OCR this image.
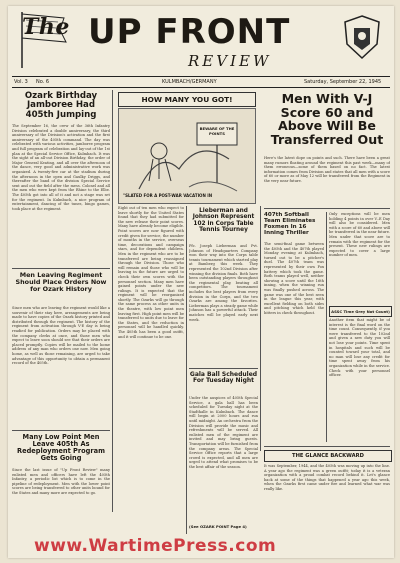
The UP FRONT
REVIEW
Vol. 3 No. 6	KULMBACH/GERMANY	Saturday, September 22, 1945
Ozark Birthday Jamboree Had 405th Jumping
The September 16, the crew of the 36th Infantry Division celebrated a double anniversary, the third anniversary of the Division's activation and the first anniversary of the 405th command. The day was celebrated with various activities, jamboree program and full program of celebration and lay-out of the 1st plan at the Special Service Office, Kulmbach. It was the sight of an all-out Division Birthday, the order of Major General Keating, and all over the afternoon of the dance, very good and administrative work was organized. A twenty-five car at the stadium during the afternoon in the open and Gaulky Driggs, and thereafter the band of the division Special Service sent and out the field after the mess. Colonel and all the men who were kept from the Rhine to the Elbe. The 405th got into all of it and not a stage was set for the regiment. In Kulmbach, a nice program of entertainment, dancing of the tunes, bingo games, took place at the regiment.
Men Leaving Regiment Should Place Orders Now for Ozark History
Since men who are leaving the regiment would like a souvenir of their stay here, arrangements are being made to have copies of the Ozark history printed and distributed through the regiment. The history of the regiment from activation through V-E day is being readied for publication. Orders may be placed with the company clerks at once, and those men who expect to leave soon should see that their orders are placed promptly. Copies will be mailed to the home address of any man who orders one now. Men going home, as well as those remaining, are urged to take advantage of this opportunity to obtain a permanent record of the 405th.
Many Low Point Men Leave 405th As Redeployment Program Gets Going
Since the last issue of "Up Front Review" many enlisted men and officers have left the 405th Infantry, a periodic list which is to come in the pipeline of redeployment. Men with the lower point scores are being transferred to other units bound for the States and many more are expected to go.
HOW MANY YOU GOT!
BEWARE OF THE POINTS
"SLATED FOR A POST-WAR VACATION IN
Eight out of ten men who expect to leave shortly for the United States found that they had submitted for the new release their point scores. Many have already become eligible. Point scores are now figured with credit given for service, the number of months in the service, overseas time, decorations and campaign stars, and for dependent children. Men in the regiment who are to be transferred are being reassigned through the Division. Those who will remain and those who will be leaving in the future are urged to check their own scores with the personnel section. Many men have gained points under the new rulings. It is expected that the regiment will be reorganized shortly. The Ozarks will go through the same process as other units in the theatre, with low point men leaving first. High point men will be transferred to units due to leave for the States, and the reduction in personnel will be handled quickly. The 405th has been a good outfit, and it will continue to be one.
Lieberman and Johnson Represent 102 in Corps Table Tennis Tourney
Pfc. Joseph Lieberman and Pvt. Johnson of Headquarters Company won their way into the Corps table tennis tournament which started play at Bamberg this week. They represented the 102nd Division after winning the division finals. Both have been outstanding players throughout the regimental play, beating all competitors. The tournament includes the best players from every division in the Corps, and the two Ozarks are among the favorites. Lieberman plays a steady game while Johnson has a powerful attack. Their matches will be played early next week.
Gala Ball Scheduled For Tuesday Night
Under the auspices of 405th Special Service, a gala ball has been scheduled for Tuesday night at the Stadthalle in Kulmbach. The dance will begin at 2000 hours and run until midnight. An orchestra from the Division will provide the music and refreshments will be served. All enlisted men of the regiment are invited and may bring guests. Transportation will be furnished from the company areas. The Special Service Office reports that a large crowd is expected, and all men are urged to attend what promises to be the best affair of the season.
(See OZARK POINT Page 4)
Men With V-J Score 60 and Above Will Be Transferred Out
Here's the latest dope on points and such. There have been a great many rumors floating around the regiment this past week—many of them erroneous—some of them based on no fact. The latest information comes from Division and states that all men with a score of 60 or more as of May 12 will be transferred from the Regiment in the very near future.
407th Softball Team Eliminates Foxmen In 16 Inning Thriller
The semi-final game between the 405th and the 407th played Monday evening at Kulmbach, turned out to be a pitcher's duel. The 407th team was represented by their own Fox battery which took the game. Both teams played well, neither showing a score until the 16th inning, when the winning run was finally pushed across. The game was one of the best seen in the league this year, with excellent fielding on both sides and pitching which held the hitters in check throughout.
Only exceptions will be men holding 4 points in over V–E Day will also be considered. Men with a score of 60 and above will be transferred in the near future. Men under that score are to remain with the regiment for the present. These new rulings are expected to cover a large number of men.
ASSC Time Grey Not Count)
Another item that might be of interest is the final word on the time count. Consequently, if you were transferred to the 102nd and given a new duty you will not lose your points. Time spent in hospitals and such will be counted toward your total, and no man will lose any credit for time spent away from his organization while in the service. Check with your personnel officer.
THE GLANCE BACKWARD
It was September, 1944, and the 405th was moving up into the line. A year ago the regiment was a green outfit; today it is a veteran organization with a proud combat record behind it. Let's glance back at some of the things that happened a year ago this week, when the Ozarks first came under fire and learned what war was really like.
www.WartimePress.com
